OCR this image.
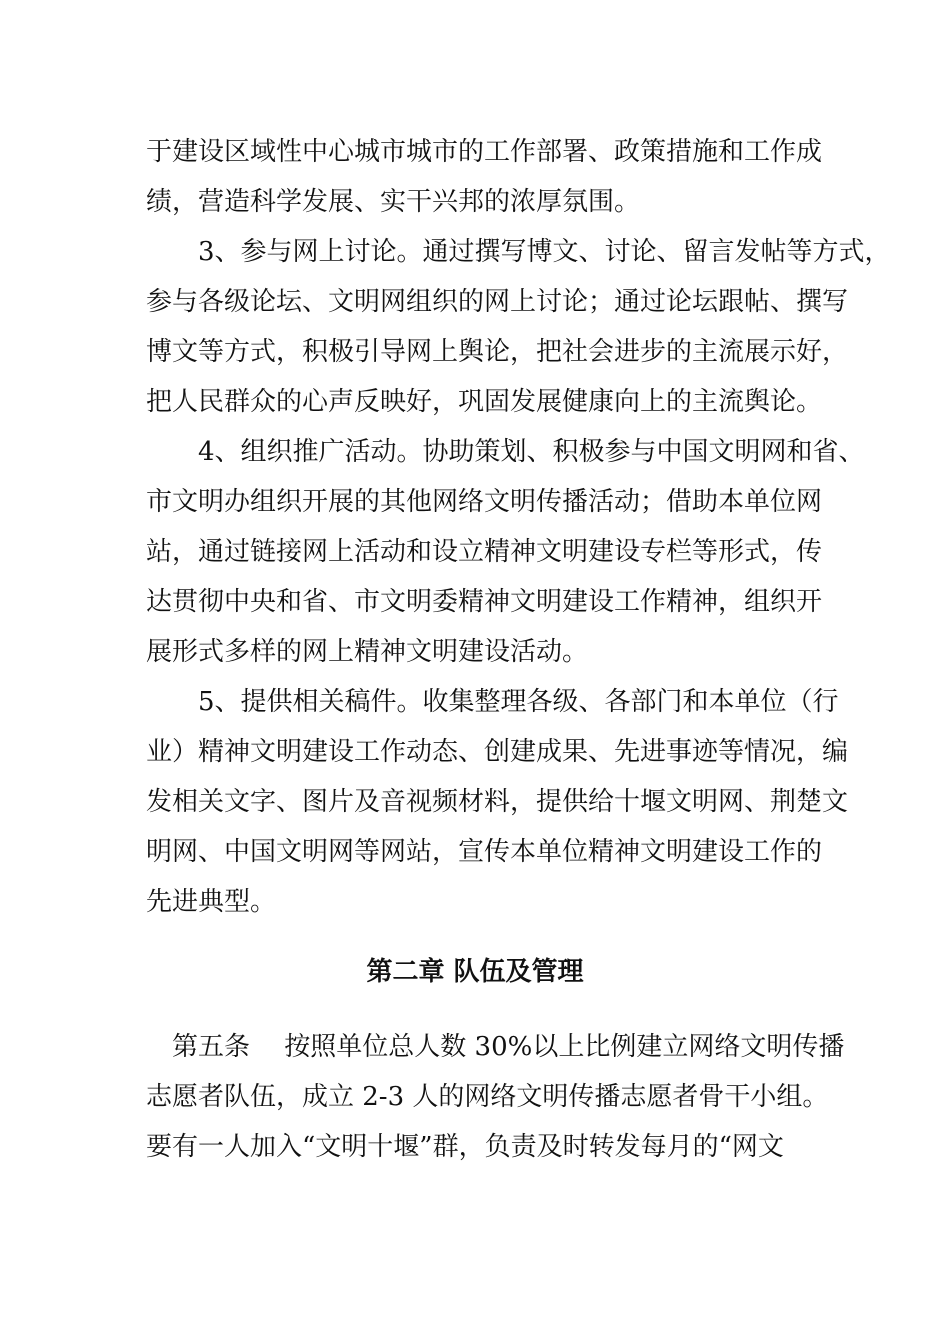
于建设区域性中心城市城市的工作部署、政策措施和工作成
绩，营造科学发展、实干兴邦的浓厚氛围。
　　3、参与网上讨论。通过撰写博文、讨论、留言发帖等方式，
参与各级论坛、文明网组织的网上讨论；通过论坛跟帖、撰写
博文等方式，积极引导网上舆论，把社会进步的主流展示好，
把人民群众的心声反映好，巩固发展健康向上的主流舆论。
　　4、组织推广活动。协助策划、积极参与中国文明网和省、
市文明办组织开展的其他网络文明传播活动；借助本单位网
站，通过链接网上活动和设立精神文明建设专栏等形式，传
达贯彻中央和省、市文明委精神文明建设工作精神，组织开
展形式多样的网上精神文明建设活动。
　　5、提供相关稿件。收集整理各级、各部门和本单位（行
业）精神文明建设工作动态、创建成果、先进事迹等情况，编
发相关文字、图片及音视频材料，提供给十堰文明网、荆楚文
明网、中国文明网等网站，宣传本单位精神文明建设工作的
先进典型。
第二章 队伍及管理
　第五条　 按照单位总人数 30%以上比例建立网络文明传播
志愿者队伍，成立 2-3 人的网络文明传播志愿者骨干小组。
要有一人加入“文明十堰”群，负责及时转发每月的“网文
